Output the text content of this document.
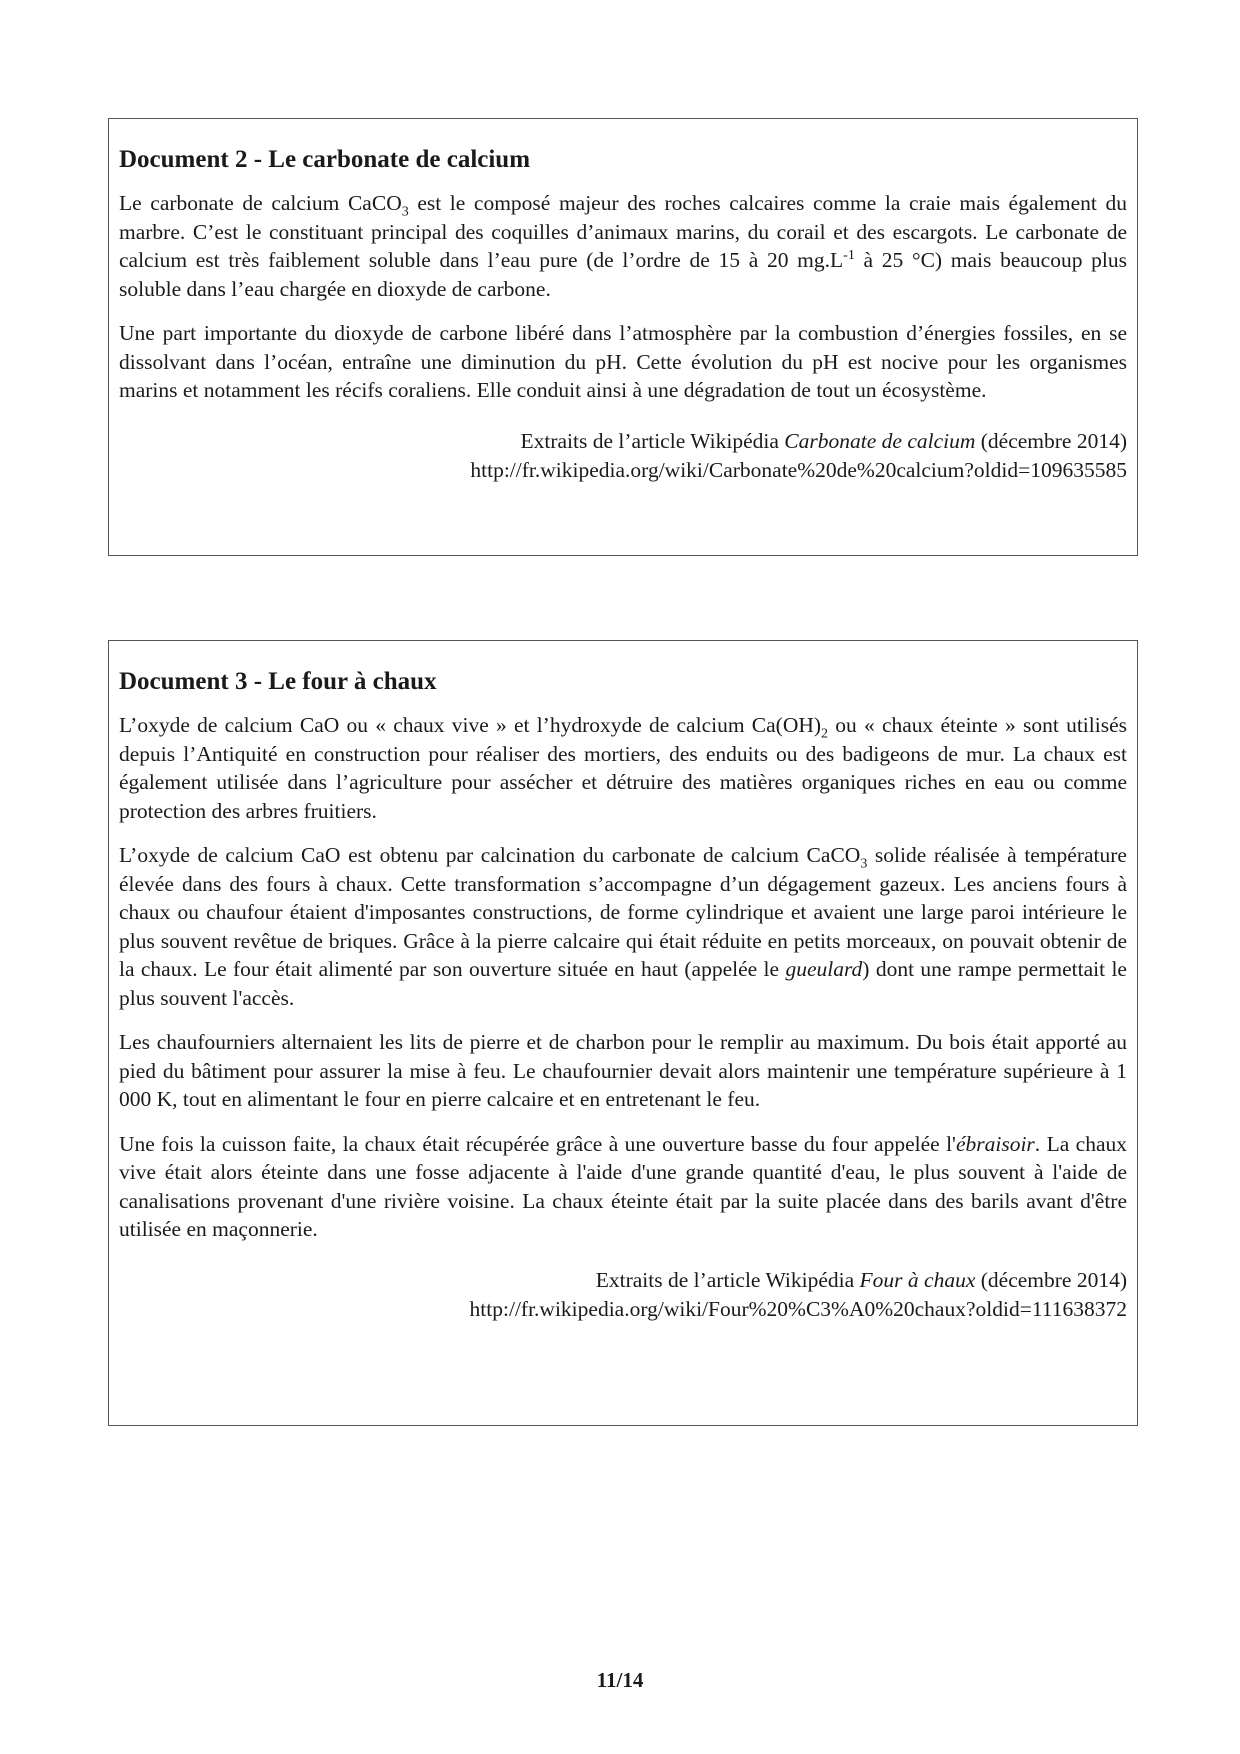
Document 2 - Le carbonate de calcium

Le carbonate de calcium CaCO$_3$ est le composé majeur des roches calcaires comme la craie mais également du marbre. C’est le constituant principal des coquilles d’animaux marins, du corail et des escargots. Le carbonate de calcium est très faiblement soluble dans l’eau pure (de l’ordre de 15 à 20 $mg.L^{-1}$ à 25 °C) mais beaucoup plus soluble dans l’eau chargée en dioxyde de carbone.

Une part importante du dioxyde de carbone libéré dans l’atmosphère par la combustion d’énergies fossiles, en se dissolvant dans l’océan, entraîne une diminution du pH. Cette évolution du pH est nocive pour les organismes marins et notamment les récifs coraliens. Elle conduit ainsi à une dégradation de tout un écosystème.

Extraits de l’article Wikipédia Carbonate de calcium (décembre 2014)
http://fr.wikipedia.org/wiki/Carbonate%20de%20calcium?oldid=109635585
Document 3 - Le four à chaux

L’oxyde de calcium CaO ou « chaux vive » et l’hydroxyde de calcium $Ca(OH)_2$ ou « chaux éteinte » sont utilisés depuis l’Antiquité en construction pour réaliser des mortiers, des enduits ou des badigeons de mur. La chaux est également utilisée dans l’agriculture pour assécher et détruire des matières organiques riches en eau ou comme protection des arbres fruitiers.

L’oxyde de calcium CaO est obtenu par calcination du carbonate de calcium CaCO$_3$ solide réalisée à température élevée dans des fours à chaux. Cette transformation s’accompagne d’un dégagement gazeux. Les anciens fours à chaux ou chaufour étaient d'imposantes constructions, de forme cylindrique et avaient une large paroi intérieure le plus souvent revêtue de briques. Grâce à la pierre calcaire qui était réduite en petits morceaux, on pouvait obtenir de la chaux. Le four était alimenté par son ouverture située en haut (appelée le gueulard) dont une rampe permettait le plus souvent l'accès.

Les chaufourniers alternaient les lits de pierre et de charbon pour le remplir au maximum. Du bois était apporté au pied du bâtiment pour assurer la mise à feu. Le chaufournier devait alors maintenir une température supérieure à 1 000 K, tout en alimentant le four en pierre calcaire et en entretenant le feu.

Une fois la cuisson faite, la chaux était récupérée grâce à une ouverture basse du four appelée l'ébraisoir. La chaux vive était alors éteinte dans une fosse adjacente à l'aide d'une grande quantité d'eau, le plus souvent à l'aide de canalisations provenant d'une rivière voisine. La chaux éteinte était par la suite placée dans des barils avant d'être utilisée en maçonnerie.

Extraits de l’article Wikipédia Four à chaux (décembre 2014)
http://fr.wikipedia.org/wiki/Four%20%C3%A0%20chaux?oldid=111638372
11/14
